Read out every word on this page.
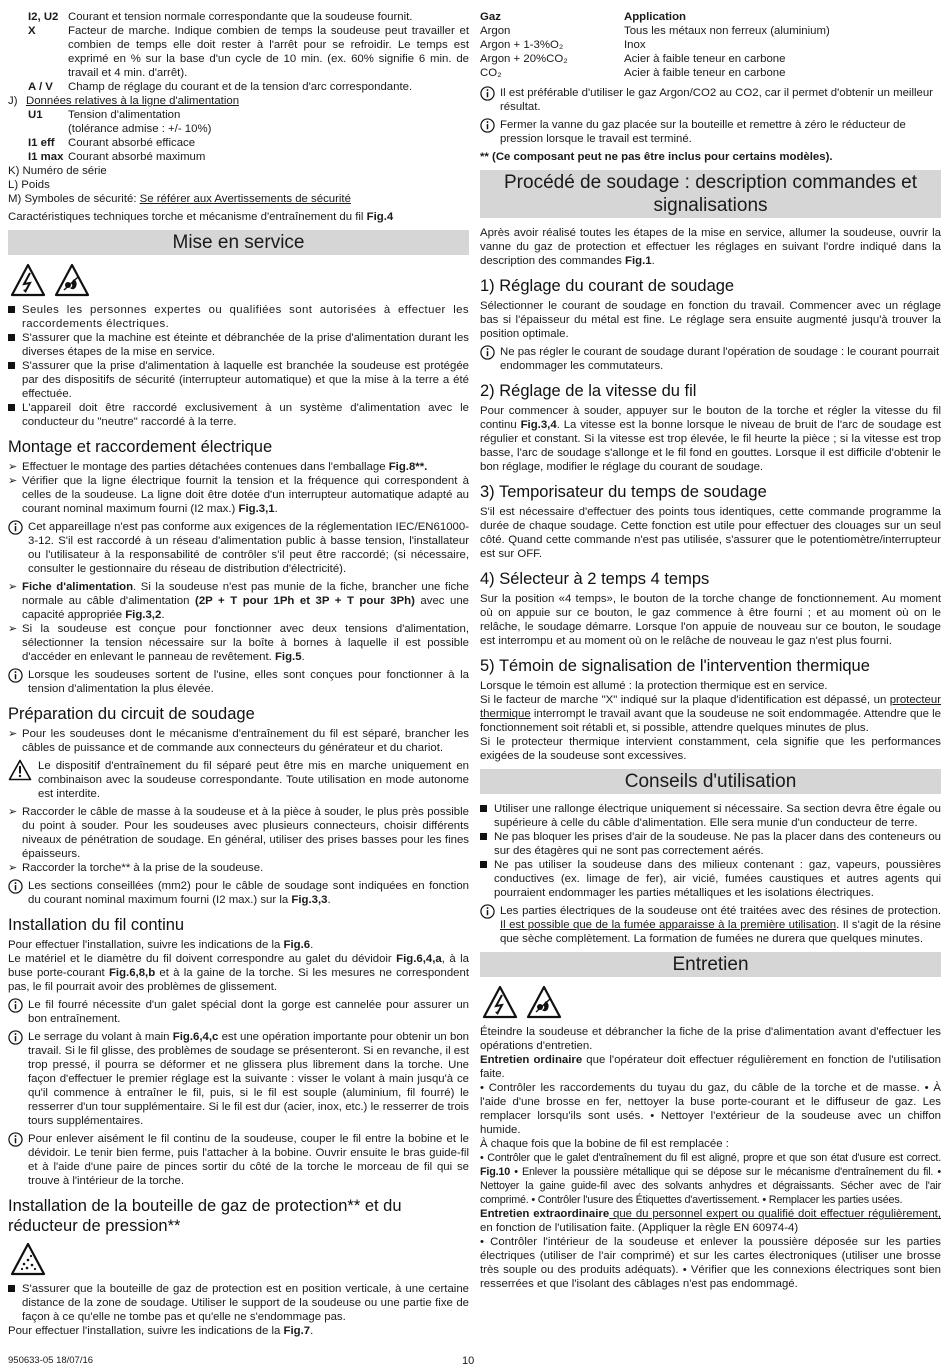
I2, U2 Courant et tension normale correspondante que la soudeuse fournit.
X	Facteur de marche. Indique combien de temps la soudeuse peut travailler et combien de temps elle doit rester à l'arrêt pour se refroidir. Le temps est exprimé en % sur la base d'un cycle de 10 min. (ex. 60% signifie 6 min. de travail et 4 min. d'arrêt).
A / V	Champ de réglage du courant et de la tension d'arc correspondante.
J) Données relatives à la ligne d'alimentation
U1	Tension d'alimentation
(tolérance admise : +/- 10%)
I1 eff	Courant absorbé efficace
I1 max Courant absorbé maximum

K) Numéro de série

L) Poids

M) Symboles de sécurité: Se référer aux Avertissements de sécurité

Caractéristiques techniques torche et mécanisme d'entraînement du fil Fig.4

Mise en service
Seules les personnes expertes ou qualifiées sont autorisées à effectuer les raccordements électriques.
S'assurer que la machine est éteinte et débranchée de la prise d'alimentation durant les diverses étapes de la mise en service.
S'assurer que la prise d'alimentation à laquelle est branchée la soudeuse est protégée par des dispositifs de sécurité (interrupteur automatique) et que la mise à la terre a été effectuée.
L'appareil doit être raccordé exclusivement à un système d'alimentation avec le conducteur du "neutre" raccordé à la terre.
Montage et raccordement électrique
➢ Effectuer le montage des parties détachées contenues dans l'emballage Fig.8**.
➢ Vérifier que la ligne électrique fournit la tension et la fréquence qui correspondent à celles de la soudeuse. La ligne doit être dotée d'un interrupteur automatique adapté au courant nominal maximum fourni (I2 max.) Fig.3,1.
Cet appareillage n'est pas conforme aux exigences de la réglementation IEC/EN61000-3-12. S'il est raccordé à un réseau d'alimentation public à basse tension, l'installateur ou l'utilisateur à la responsabilité de contrôler s'il peut être raccordé; (si nécessaire, consulter le gestionnaire du réseau de distribution d'électricité).
➢ Fiche d'alimentation. Si la soudeuse n'est pas munie de la fiche, brancher une fiche normale au câble d'alimentation (2P + T pour 1Ph et 3P + T pour 3Ph) avec une capacité appropriée Fig.3,2.
➢ Si la soudeuse est conçue pour fonctionner avec deux tensions d'alimentation, sélectionner la tension nécessaire sur la boîte à bornes à laquelle il est possible d'accéder en enlevant le panneau de revêtement. Fig.5.
Lorsque les soudeuses sortent de l'usine, elles sont conçues pour fonctionner à la tension d'alimentation la plus élevée.
Préparation du circuit de soudage
➢ Pour les soudeuses dont le mécanisme d'entraînement du fil est séparé, brancher les câbles de puissance et de commande aux connecteurs du générateur et du chariot.
Le dispositif d'entraînement du fil séparé peut être mis en marche uniquement en combinaison avec la soudeuse correspondante. Toute utilisation en mode autonome est interdite.
➢ Raccorder le câble de masse à la soudeuse et à la pièce à souder, le plus près possible du point à souder. Pour les soudeuses avec plusieurs connecteurs, choisir différents niveaux de pénétration de soudage. En général, utiliser des prises basses pour les fines épaisseurs.
➢ Raccorder la torche** à la prise de la soudeuse.
Les sections conseillées (mm2) pour le câble de soudage sont indiquées en fonction du courant nominal maximum fourni (I2 max.) sur la Fig.3,3.
Installation du fil continu

Pour effectuer l'installation, suivre les indications de la Fig.6.

Le matériel et le diamètre du fil doivent correspondre au galet du dévidoir Fig.6,4,a, à la buse porte-courant Fig.6,8,b et à la gaine de la torche. Si les mesures ne correspondent pas, le fil pourrait avoir des problèmes de glissement.

Le fil fourré nécessite d'un galet spécial dont la gorge est cannelée pour assurer un bon entraînement.
Le serrage du volant à main Fig.6,4,c est une opération importante pour obtenir un bon travail. Si le fil glisse, des problèmes de soudage se présenteront. Si en revanche, il est trop pressé, il pourra se déformer et ne glissera plus librement dans la torche. Une façon d'effectuer le premier réglage est la suivante : visser le volant à main jusqu'à ce qu'il commence à entraîner le fil, puis, si le fil est souple (aluminium, fil fourré) le resserrer d'un tour supplémentaire. Si le fil est dur (acier, inox, etc.) le resserrer de trois tours supplémentaires.
Pour enlever aisément le fil continu de la soudeuse, couper le fil entre la bobine et le dévidoir. Le tenir bien ferme, puis l'attacher à la bobine. Ouvrir ensuite le bras guide-fil et à l'aide d'une paire de pinces sortir du côté de la torche le morceau de fil qui se trouve à l'intérieur de la torche.
Installation de la bouteille de gaz de protection** et du réducteur de pression**
S'assurer que la bouteille de gaz de protection est en position verticale, à une certaine distance de la zone de soudage. Utiliser le support de la soudeuse ou une partie fixe de façon à ce qu'elle ne tombe pas et qu'elle ne s'endommage pas.

Pour effectuer l'installation, suivre les indications de la Fig.7.

Gaz	Application
Argon	Tous les métaux non ferreux (aluminium)
Argon + 1-3%O₂	Inox
Argon + 20%CO₂	Acier à faible teneur en carbone
CO₂	Acier à faible teneur en carbone
Il est préférable d'utiliser le gaz Argon/CO2 au CO2, car il permet d'obtenir un meilleur résultat.
Fermer la vanne du gaz placée sur la bouteille et remettre à zéro le réducteur de pression lorsque le travail est terminé.

** (Ce composant peut ne pas être inclus pour certains modèles).

Procédé de soudage : description commandes et signalisations

Après avoir réalisé toutes les étapes de la mise en service, allumer la soudeuse, ouvrir la vanne du gaz de protection et effectuer les réglages en suivant l'ordre indiqué dans la description des commandes Fig.1.

1) Réglage du courant de soudage

Sélectionner le courant de soudage en fonction du travail. Commencer avec un réglage bas si l'épaisseur du métal est fine. Le réglage sera ensuite augmenté jusqu'à trouver la position optimale.

Ne pas régler le courant de soudage durant l'opération de soudage : le courant pourrait endommager les commutateurs.
2) Réglage de la vitesse du fil

Pour commencer à souder, appuyer sur le bouton de la torche et régler la vitesse du fil continu Fig.3,4. La vitesse est la bonne lorsque le niveau de bruit de l'arc de soudage est régulier et constant. Si la vitesse est trop élevée, le fil heurte la pièce ; si la vitesse est trop basse, l'arc de soudage s'allonge et le fil fond en gouttes. Lorsque il est difficile d'obtenir le bon réglage, modifier le réglage du courant de soudage.

3) Temporisateur du temps de soudage

S'il est nécessaire d'effectuer des points tous identiques, cette commande programme la durée de chaque soudage. Cette fonction est utile pour effectuer des clouages sur un seul côté. Quand cette commande n'est pas utilisée, s'assurer que le potentiomètre/interrupteur est sur OFF.

4) Sélecteur à 2 temps 4 temps

Sur la position «4 temps», le bouton de la torche change de fonctionnement. Au moment où on appuie sur ce bouton, le gaz commence à être fourni ; et au moment où on le relâche, le soudage démarre. Lorsque l'on appuie de nouveau sur ce bouton, le soudage est interrompu et au moment où on le relâche de nouveau le gaz n'est plus fourni.

5) Témoin de signalisation de l'intervention thermique

Lorsque le témoin est allumé : la protection thermique est en service.

Si le facteur de marche "X" indiqué sur la plaque d'identification est dépassé, un protecteur thermique interrompt le travail avant que la soudeuse ne soit endommagée. Attendre que le fonctionnement soit rétabli et, si possible, attendre quelques minutes de plus.

Si le protecteur thermique intervient constamment, cela signifie que les performances exigées de la soudeuse sont excessives.

Conseils d'utilisation
Utiliser une rallonge électrique uniquement si nécessaire. Sa section devra être égale ou supérieure à celle du câble d'alimentation. Elle sera munie d'un conducteur de terre.
Ne pas bloquer les prises d'air de la soudeuse. Ne pas la placer dans des conteneurs ou sur des étagères qui ne sont pas correctement aérés.
Ne pas utiliser la soudeuse dans des milieux contenant : gaz, vapeurs, poussières conductives (ex. limage de fer), air vicié, fumées caustiques et autres agents qui pourraient endommager les parties métalliques et les isolations électriques.
Les parties électriques de la soudeuse ont été traitées avec des résines de protection. Il est possible que de la fumée apparaisse à la première utilisation. Il s'agit de la résine que sèche complètement. La formation de fumées ne durera que quelques minutes.
Entretien

Éteindre la soudeuse et débrancher la fiche de la prise d'alimentation avant d'effectuer les opérations d'entretien.

Entretien ordinaire que l'opérateur doit effectuer régulièrement en fonction de l'utilisation faite.

• Contrôler les raccordements du tuyau du gaz, du câble de la torche et de masse. • À l'aide d'une brosse en fer, nettoyer la buse porte-courant et le diffuseur de gaz. Les remplacer lorsqu'ils sont usés. • Nettoyer l'extérieur de la soudeuse avec un chiffon humide.

À chaque fois que la bobine de fil est remplacée :

• Contrôler que le galet d'entraînement du fil est aligné, propre et que son état d'usure est correct. Fig.10 • Enlever la poussière métallique qui se dépose sur le mécanisme d'entraînement du fil. • Nettoyer la gaine guide-fil avec des solvants anhydres et dégraissants. Sécher avec de l'air comprimé. • Contrôler l'usure des Étiquettes d'avertissement. • Remplacer les parties usées.

Entretien extraordinaire que du personnel expert ou qualifié doit effectuer régulièrement, en fonction de l'utilisation faite. (Appliquer la règle EN 60974-4)

• Contrôler l'intérieur de la soudeuse et enlever la poussière déposée sur les parties électriques (utiliser de l'air comprimé) et sur les cartes électroniques (utiliser une brosse très souple ou des produits adéquats). • Vérifier que les connexions électriques sont bien resserrées et que l'isolant des câblages n'est pas endommagé.

950633-05 18/07/16	10
